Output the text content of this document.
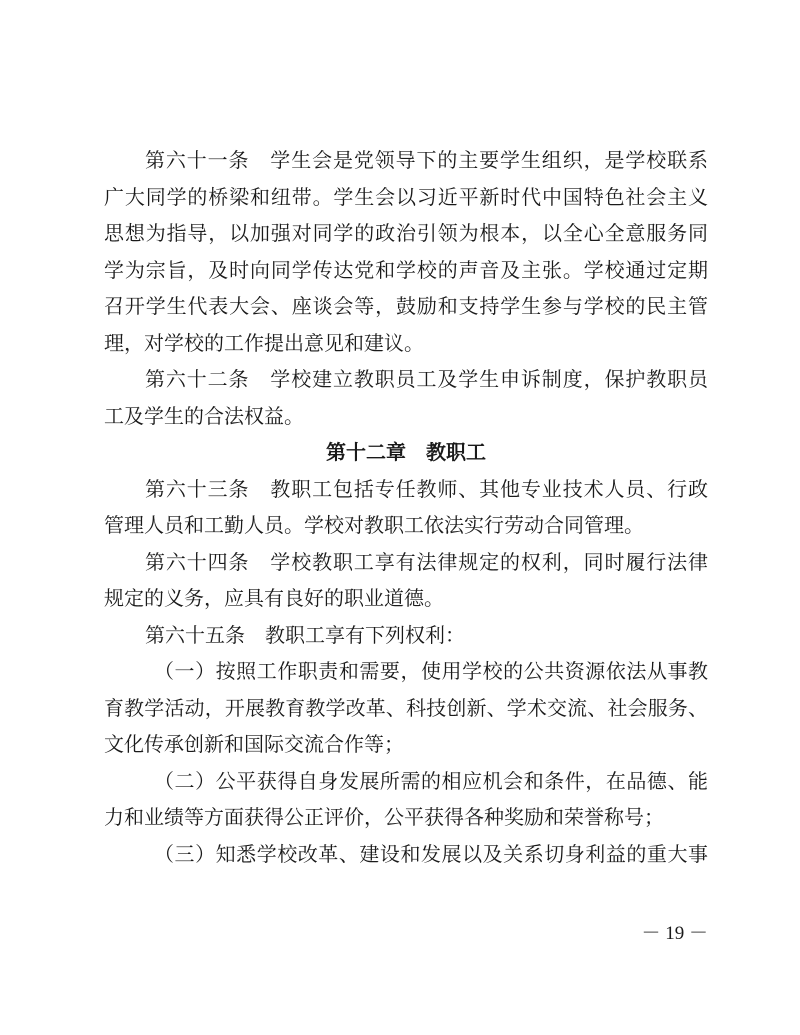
第六十一条　学生会是党领导下的主要学生组织，是学校联系
广大同学的桥梁和纽带。学生会以习近平新时代中国特色社会主义
思想为指导，以加强对同学的政治引领为根本，以全心全意服务同
学为宗旨，及时向同学传达党和学校的声音及主张。学校通过定期
召开学生代表大会、座谈会等，鼓励和支持学生参与学校的民主管
理，对学校的工作提出意见和建议。
第六十二条　学校建立教职员工及学生申诉制度，保护教职员
工及学生的合法权益。
第十二章　教职工
第六十三条　教职工包括专任教师、其他专业技术人员、行政
管理人员和工勤人员。学校对教职工依法实行劳动合同管理。
第六十四条　学校教职工享有法律规定的权利，同时履行法律
规定的义务，应具有良好的职业道德。
第六十五条　教职工享有下列权利：
（一）按照工作职责和需要，使用学校的公共资源依法从事教
育教学活动，开展教育教学改革、科技创新、学术交流、社会服务、
文化传承创新和国际交流合作等；
（二）公平获得自身发展所需的相应机会和条件，在品德、能
力和业绩等方面获得公正评价，公平获得各种奖励和荣誉称号；
（三）知悉学校改革、建设和发展以及关系切身利益的重大事
－ 19 －
